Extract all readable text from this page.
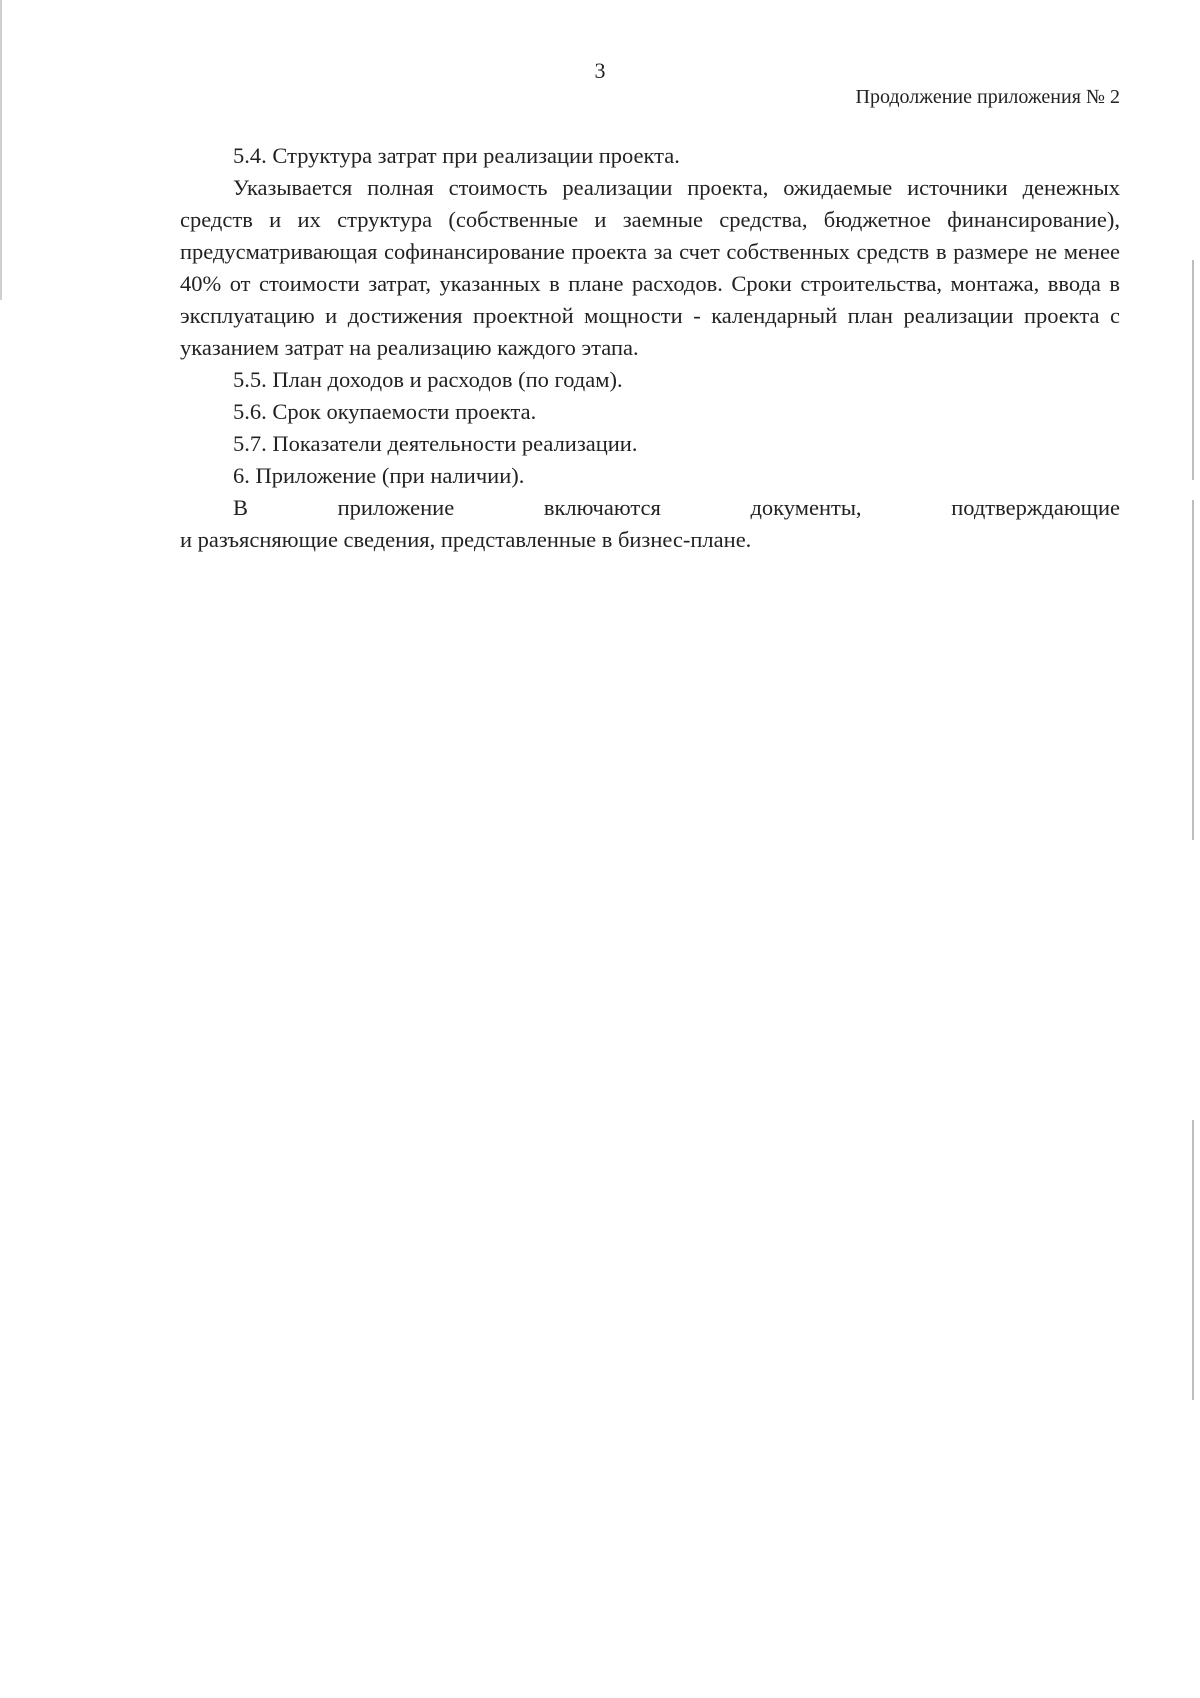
3
Продолжение приложения № 2

5.4. Структура затрат при реализации проекта.

Указывается полная стоимость реализации проекта, ожидаемые источники денежных средств и их структура (собственные и заемные средства, бюджетное финансирование), предусматривающая софинансирование проекта за счет собственных средств в размере не менее 40% от стоимости затрат, указанных в плане расходов. Сроки строительства, монтажа, ввода в эксплуатацию и достижения проектной мощности - календарный план реализации проекта с указанием затрат на реализацию каждого этапа.

5.5. План доходов и расходов (по годам).

5.6. Срок окупаемости проекта.

5.7. Показатели деятельности реализации.

6. Приложение (при наличии).

В приложение включаются документы, подтверждающие

и разъясняющие сведения, представленные в бизнес-плане.
